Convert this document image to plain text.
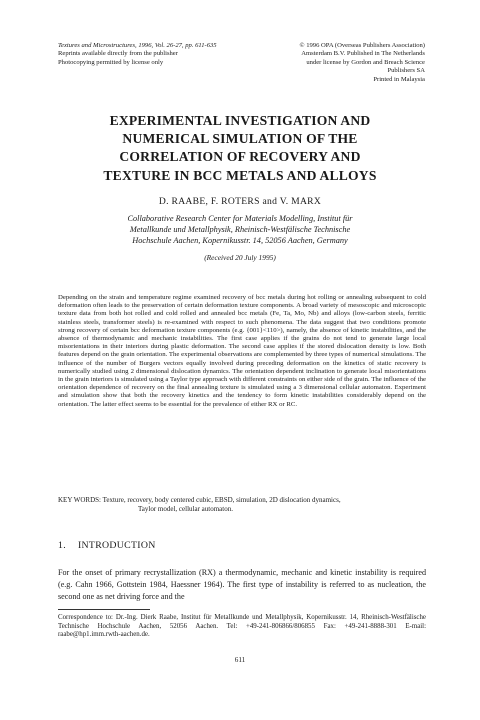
Textures and Microstructures, 1996, Vol. 26-27, pp. 611-635
Reprints available directly from the publisher
Photocopying permitted by license only
© 1996 OPA (Overseas Publishers Association)
Amsterdam B.V. Published in The Netherlands
under license by Gordon and Breach Science
Publishers SA
Printed in Malaysia
EXPERIMENTAL INVESTIGATION AND
NUMERICAL SIMULATION OF THE
CORRELATION OF RECOVERY AND
TEXTURE IN BCC METALS AND ALLOYS
D. RAABE, F. ROTERS and V. MARX
Collaborative Research Center for Materials Modelling, Institut für
Metallkunde und Metallphysik, Rheinisch-Westfälische Technische
Hochschule Aachen, Kopernikusstr. 14, 52056 Aachen, Germany
(Received 20 July 1995)
Depending on the strain and temperature regime examined recovery of bcc metals during hot rolling or annealing subsequent to cold deformation often leads to the preservation of certain deformation texture components. A broad variety of mesoscopic and microscopic texture data from both hot rolled and cold rolled and annealed bcc metals (Fe, Ta, Mo, Nb) and alloys (low-carbon steels, ferritic stainless steels, transformer steels) is re-examined with respect to such phenomena. The data suggest that two conditions promote strong recovery of certain bcc deformation texture components (e.g. {001}<110>), namely, the absence of kinetic instabilities, and the absence of thermodynamic and mechanic instabilities. The first case applies if the grains do not tend to generate large local misorientations in their interiors during plastic deformation. The second case applies if the stored dislocation density is low. Both features depend on the grain orientation. The experimental observations are complemented by three types of numerical simulations. The influence of the number of Burgers vectors equally involved during preceding deformation on the kinetics of static recovery is numerically studied using 2 dimensional dislocation dynamics. The orientation dependent inclination to generate local misorientations in the grain interiors is simulated using a Taylor type approach with different constraints on either side of the grain. The influence of the orientation dependence of recovery on the final annealing texture is simulated using a 3 dimensional cellular automaton. Experiment and simulation show that both the recovery kinetics and the tendency to form kinetic instabilities considerably depend on the orientation. The latter effect seems to be essential for the prevalence of either RX or RC.
KEY WORDS: Texture, recovery, body centered cubic, EBSD, simulation, 2D dislocation dynamics,
Taylor model, cellular automaton.
1. INTRODUCTION
For the onset of primary recrystallization (RX) a thermodynamic, mechanic and kinetic instability is required (e.g. Cahn 1966, Gottstein 1984, Haessner 1964). The first type of instability is referred to as nucleation, the second one as net driving force and the
Correspondence to: Dr.-Ing. Dierk Raabe, Institut für Metallkunde und Metallphysik, Kopernikusstr. 14, Rheinisch-Westfälische Technische Hochschule Aachen, 52056 Aachen. Tel: +49-241-806866/806855 Fax: +49-241-8888-301 E-mail: raabe@hp1.imm.rwth-aachen.de.
611
